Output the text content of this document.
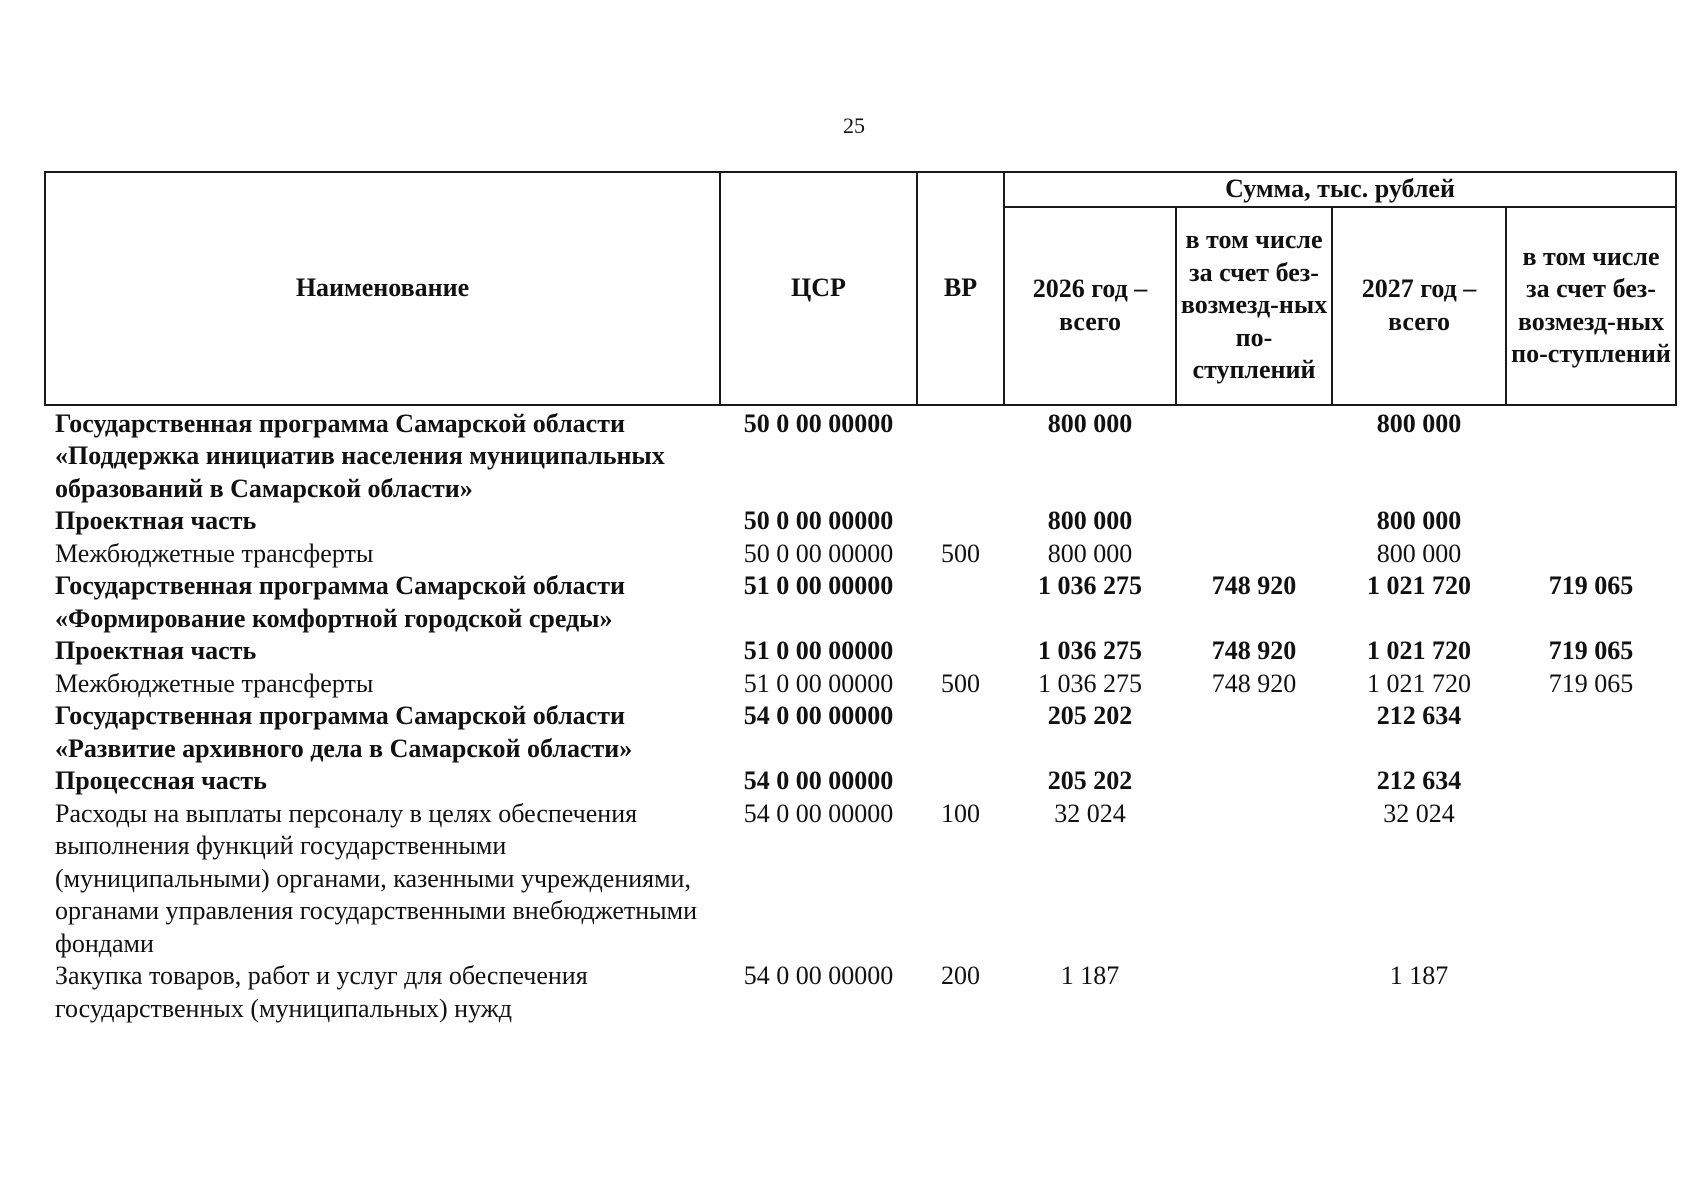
25
Наименование	ЦСР	ВР	Сумма, тыс. рублей			
			2026 год – всего	в том числе за счет без-возмезд-ных по-ступлений	2027 год – всего	в том числе за счет без-возмезд-ных по-ступлений
Государственная программа Самарской области «Поддержка инициатив населения муниципальных образований в Самарской области»	50 0 00 00000		800 000		800 000	
Проектная часть	50 0 00 00000		800 000		800 000	
Межбюджетные трансферты	50 0 00 00000	500	800 000		800 000	
Государственная программа Самарской области «Формирование комфортной городской среды»	51 0 00 00000		1 036 275	748 920	1 021 720	719 065
Проектная часть	51 0 00 00000		1 036 275	748 920	1 021 720	719 065
Межбюджетные трансферты	51 0 00 00000	500	1 036 275	748 920	1 021 720	719 065
Государственная программа Самарской области «Развитие архивного дела в Самарской области»	54 0 00 00000		205 202		212 634	
Процессная часть	54 0 00 00000		205 202		212 634	
Расходы на выплаты персоналу в целях обеспечения выполнения функций государственными (муниципальными) органами, казенными учреждениями, органами управления государственными внебюджетными фондами	54 0 00 00000	100	32 024		32 024	
Закупка товаров, работ и услуг для обеспечения государственных (муниципальных) нужд	54 0 00 00000	200	1 187		1 187	
